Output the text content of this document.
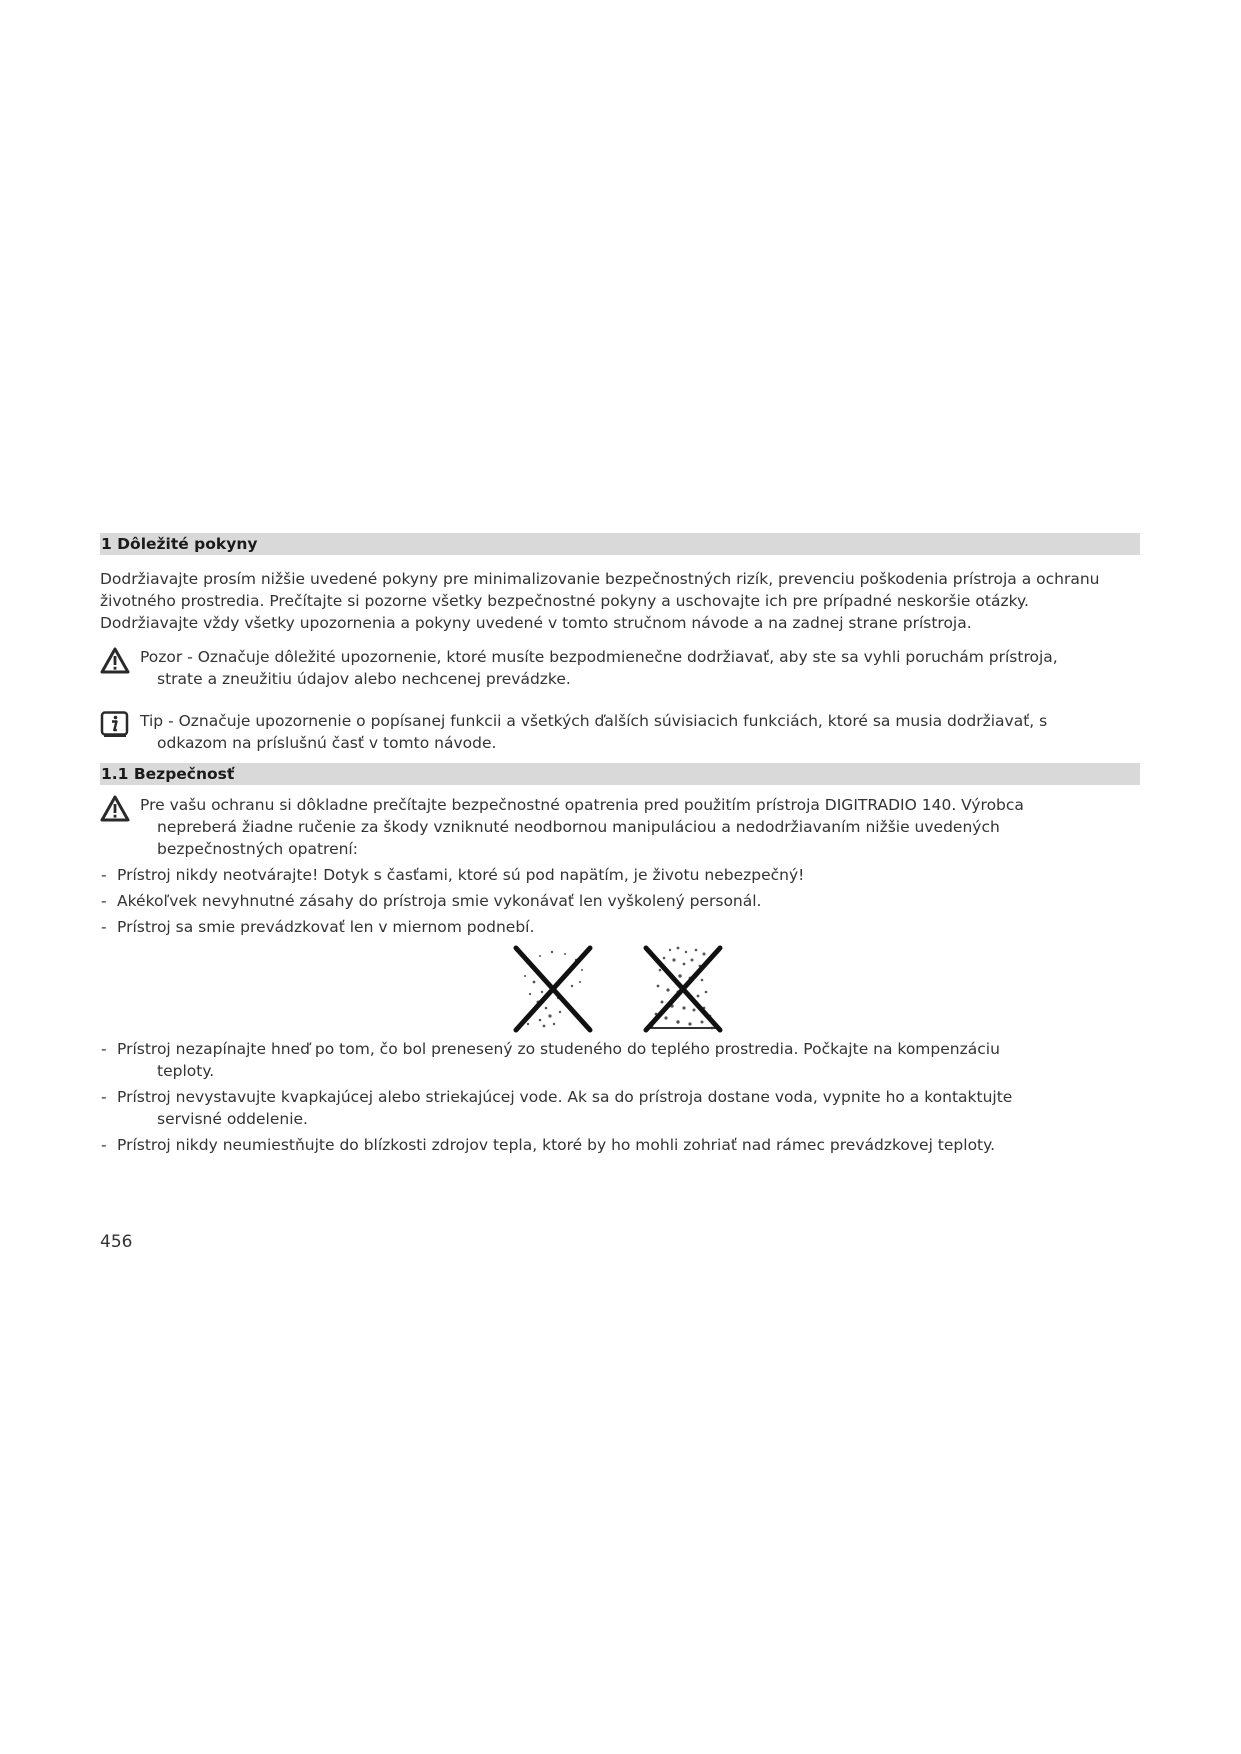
1 Dôležité pokyny
Dodržiavajte prosím nižšie uvedené pokyny pre minimalizovanie bezpečnostných rizík, prevenciu poškodenia prístroja a ochranu
životného prostredia. Prečítajte si pozorne všetky bezpečnostné pokyny a uschovajte ich pre prípadné neskoršie otázky.
Dodržiavajte vždy všetky upozornenia a pokyny uvedené v tomto stručnom návode a na zadnej strane prístroja.
Pozor - Označuje dôležité upozornenie, ktoré musíte bezpodmienečne dodržiavať, aby ste sa vyhli poruchám prístroja,
strate a zneužitiu údajov alebo nechcenej prevádzke.
Tip - Označuje upozornenie o popísanej funkcii a všetkých ďalších súvisiacich funkciách, ktoré sa musia dodržiavať, s
odkazom na príslušnú časť v tomto návode.
1.1 Bezpečnosť
Pre vašu ochranu si dôkladne prečítajte bezpečnostné opatrenia pred použitím prístroja DIGITRADIO 140. Výrobca
nepreberá žiadne ručenie za škody vzniknuté neodbornou manipuláciou a nedodržiavaním nižšie uvedených
bezpečnostných opatrení:
- Prístroj nikdy neotvárajte! Dotyk s časťami, ktoré sú pod napätím, je životu nebezpečný!
- Akékoľvek nevyhnutné zásahy do prístroja smie vykonávať len vyškolený personál.
- Prístroj sa smie prevádzkovať len v miernom podnebí.
- Prístroj nezapínajte hneď po tom, čo bol prenesený zo studeného do teplého prostredia. Počkajte na kompenzáciu
teploty.
- Prístroj nevystavujte kvapkajúcej alebo striekajúcej vode. Ak sa do prístroja dostane voda, vypnite ho a kontaktujte
servisné oddelenie.
- Prístroj nikdy neumiestňujte do blízkosti zdrojov tepla, ktoré by ho mohli zohriať nad rámec prevádzkovej teploty.
456
